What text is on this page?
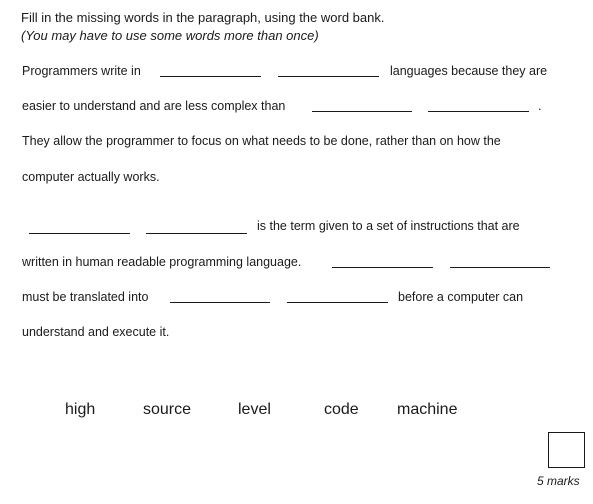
Fill in the missing words in the paragraph, using the word bank.
(You may have to use some words more than once)
Programmers write in	languages because they are
easier to understand and are less complex than	.
They allow the programmer to focus on what needs to be done, rather than on how the
computer actually works.
is the term given to a set of instructions that are
written in human readable programming language.
must be translated into	before a computer can
understand and execute it.
high	source	level	code machine
5 marks
